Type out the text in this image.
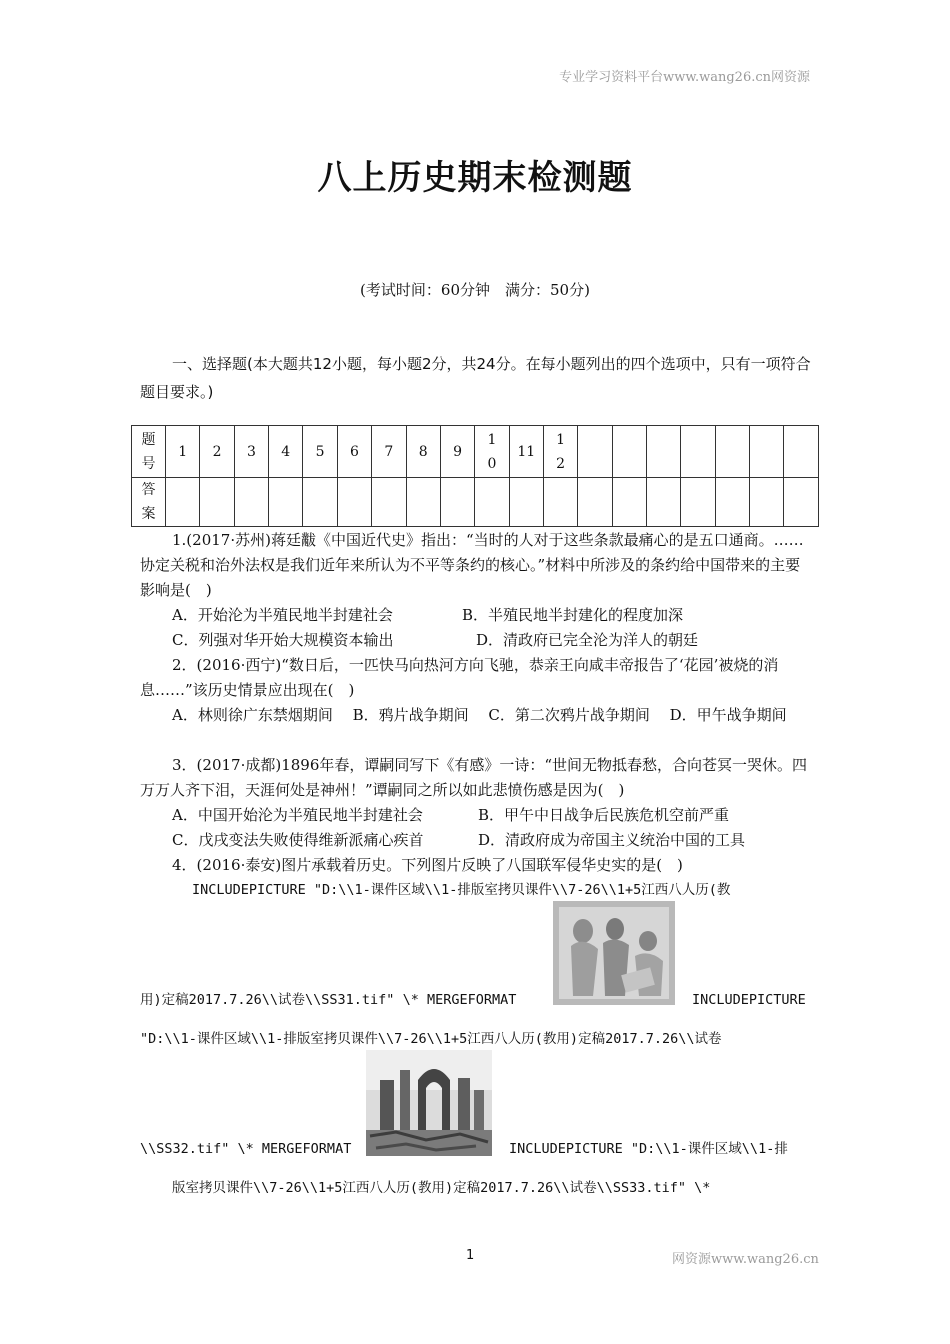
专业学习资料平台www.wang26.cn网资源
八上历史期末检测题
(考试时间：60分钟　满分：50分)
一、选择题(本大题共12小题，每小题2分，共24分。在每小题列出的四个选项中，只有一项符合题目要求。)
题号	1	2	3	4	5	6	7	8	9	10	11	12							
答案																			
1.(2017·苏州)蒋廷黻《中国近代史》指出：“当时的人对于这些条款最痛心的是五口通商。……协定关税和治外法权是我们近年来所认为不平等条约的核心。”材料中所涉及的条约给中国带来的主要影响是(　)
A．开始沦为半殖民地半封建社会	B．半殖民地半封建化的程度加深
C．列强对华开始大规模资本输出	D．清政府已完全沦为洋人的朝廷
2．(2016·西宁)“数日后，一匹快马向热河方向飞驰，恭亲王向咸丰帝报告了‘花园’被烧的消息……”该历史情景应出现在(　)
A．林则徐广东禁烟期间　 B．鸦片战争期间　 C．第二次鸦片战争期间　 D．甲午战争期间
3．(2017·成都)1896年春，谭嗣同写下《有感》一诗：“世间无物抵春愁，合向苍冥一哭休。四万万人齐下泪，天涯何处是神州！”谭嗣同之所以如此悲愤伤感是因为(　)
A．中国开始沦为半殖民地半封建社会	B．甲午中日战争后民族危机空前严重
C．戊戌变法失败使得维新派痛心疾首	D．清政府成为帝国主义统治中国的工具
4．(2016·泰安)图片承载着历史。下列图片反映了八国联军侵华史实的是(　)
INCLUDEPICTURE "D:\\1-课件区域\\1-排版室拷贝课件\\7-26\\1+5江西八人历(教
用)定稿2017.7.26\\试卷\\SS31.tif" \* MERGEFORMAT	INCLUDEPICTURE
"D:\\1-课件区域\\1-排版室拷贝课件\\7-26\\1+5江西八人历(教用)定稿2017.7.26\\试卷
\\SS32.tif" \* MERGEFORMAT	INCLUDEPICTURE "D:\\1-课件区域\\1-排
版室拷贝课件\\7-26\\1+5江西八人历(教用)定稿2017.7.26\\试卷\\SS33.tif" \*
1	网资源www.wang26.cn
